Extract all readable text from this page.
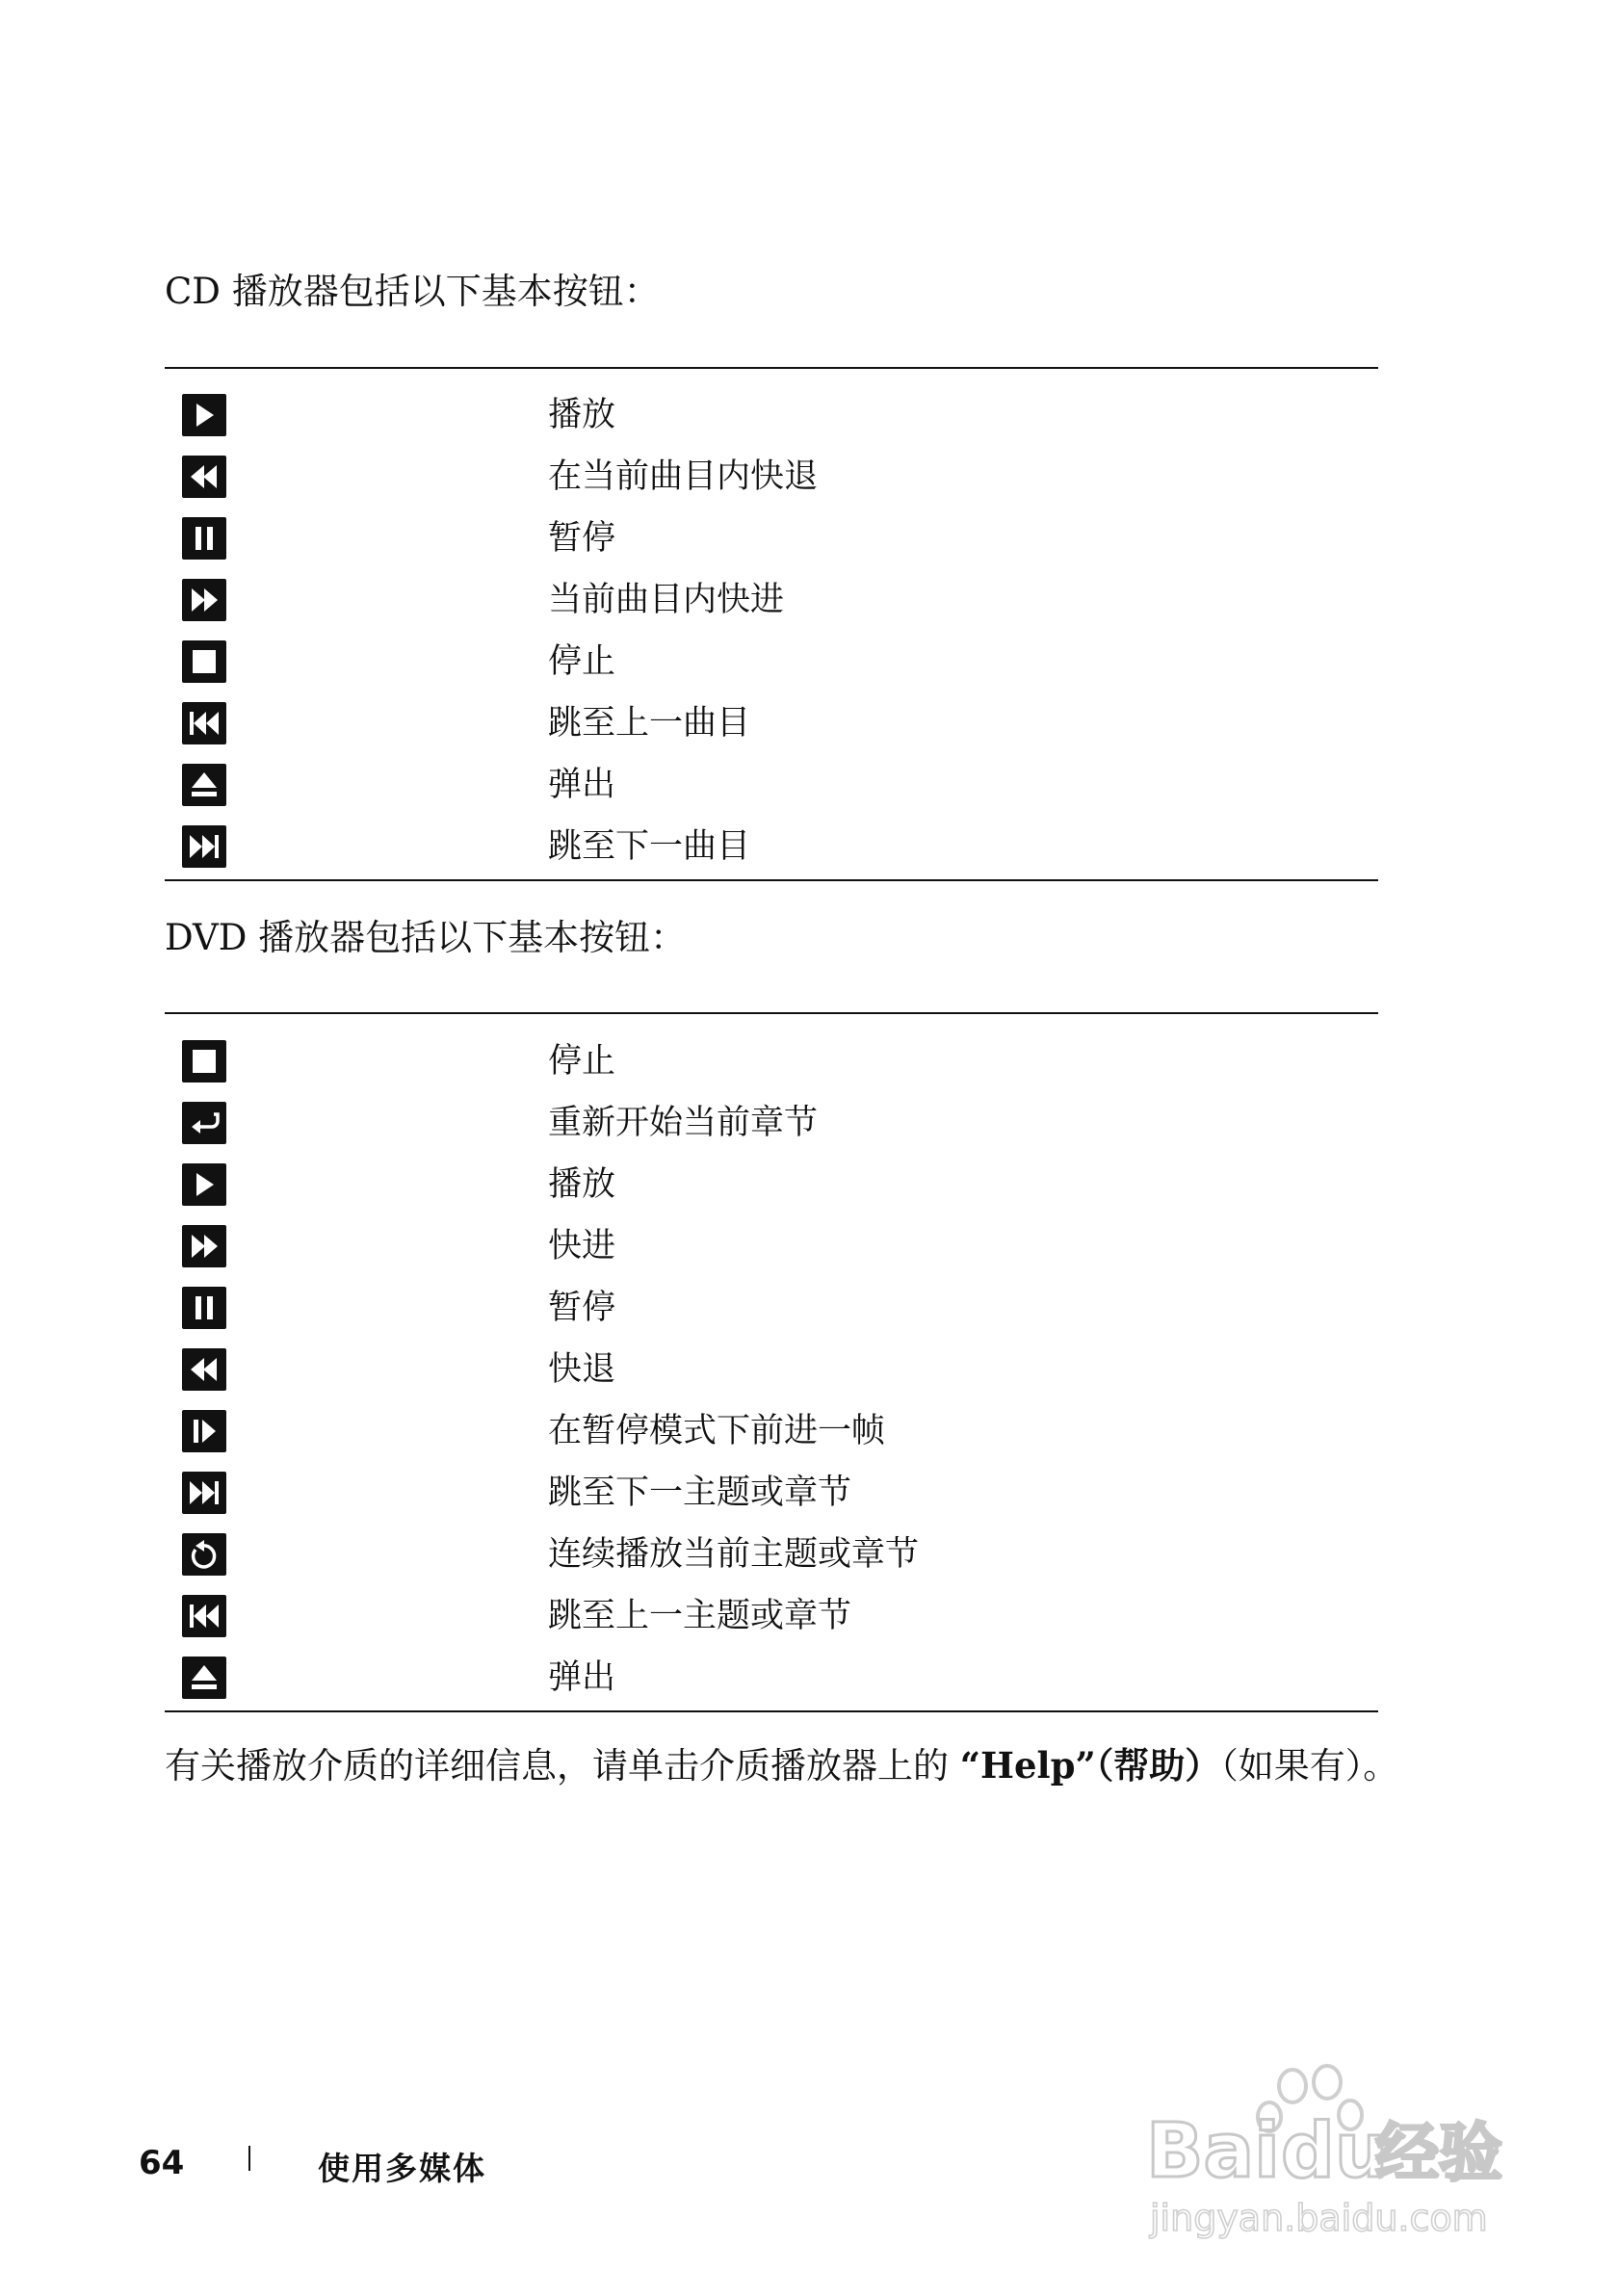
CD 播放器包括以下基本按钮：

播放
在当前曲目内快退
暂停
当前曲目内快进
停止
跳至上一曲目
弹出
跳至下一曲目

DVD 播放器包括以下基本按钮：

停止
重新开始当前章节
播放
快进
暂停
快退
在暂停模式下前进一帧
跳至下一主题或章节
连续播放当前主题或章节
跳至上一主题或章节
弹出

有关播放介质的详细信息，请单击介质播放器上的 “Help”（帮助）（如果有）。

64	使用多媒体	Bai du
经验
jingyan.baidu.com
